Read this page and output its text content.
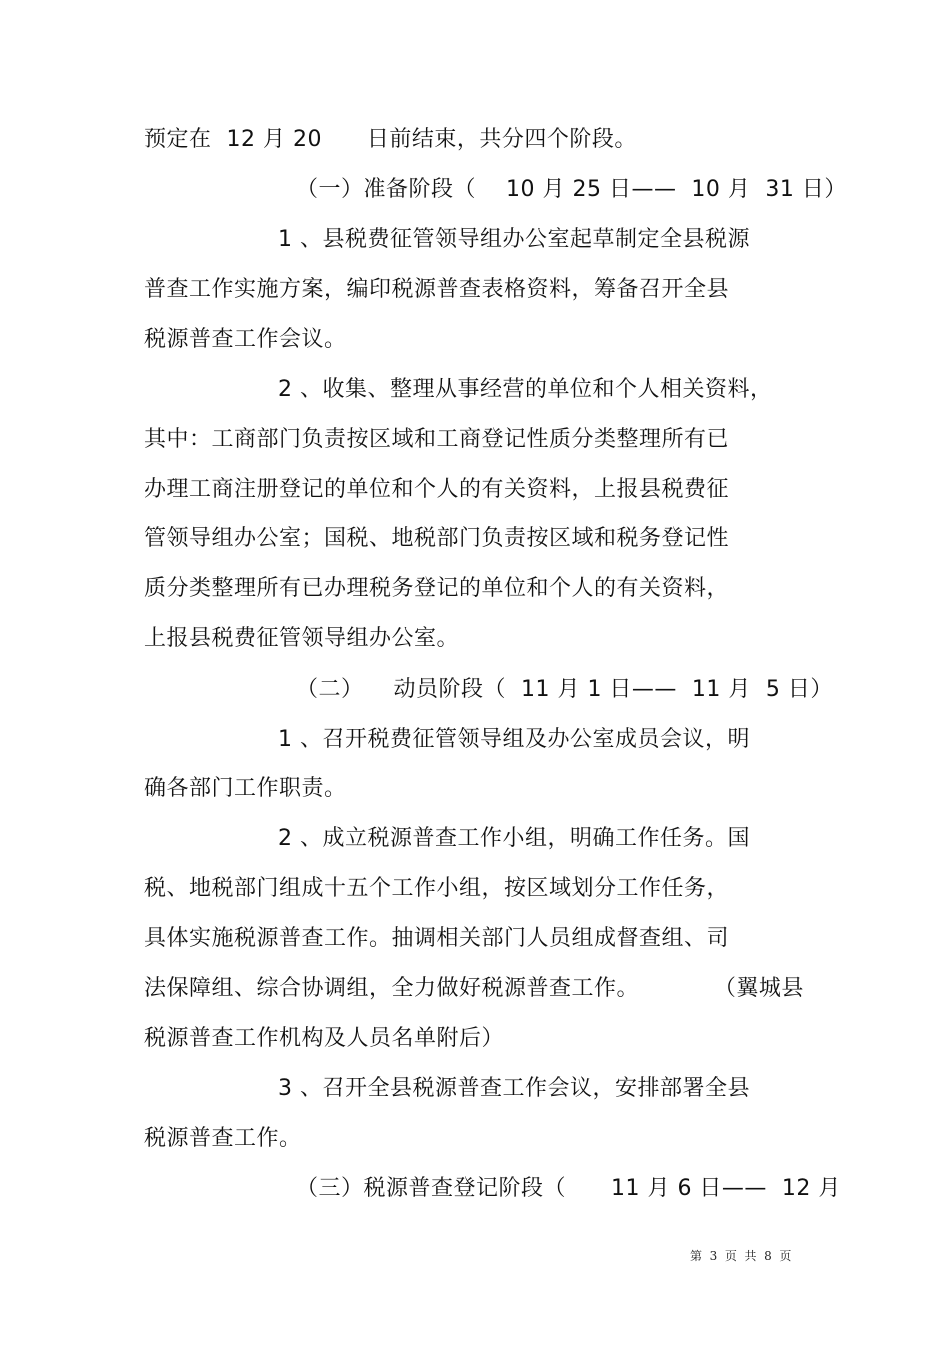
预定在  12 月 20      日前结束，共分四个阶段。
（一）准备阶段（    10 月 25 日——  10 月  31 日）
1 、县税费征管领导组办公室起草制定全县税源
普查工作实施方案，编印税源普查表格资料，筹备召开全县
税源普查工作会议。
2 、收集、整理从事经营的单位和个人相关资料，
其中：工商部门负责按区域和工商登记性质分类整理所有已
办理工商注册登记的单位和个人的有关资料，上报县税费征
管领导组办公室；国税、地税部门负责按区域和税务登记性
质分类整理所有已办理税务登记的单位和个人的有关资料，
上报县税费征管领导组办公室。
（二）    动员阶段（  11 月 1 日——  11 月  5 日）
1 、召开税费征管领导组及办公室成员会议，明
确各部门工作职责。
2 、成立税源普查工作小组，明确工作任务。国
税、地税部门组成十五个工作小组，按区域划分工作任务，
具体实施税源普查工作。抽调相关部门人员组成督查组、司
法保障组、综合协调组，全力做好税源普查工作。          （翼城县
税源普查工作机构及人员名单附后）
3 、召开全县税源普查工作会议，安排部署全县
税源普查工作。
（三）税源普查登记阶段（      11 月 6 日——  12 月
第  3  页  共  8  页
